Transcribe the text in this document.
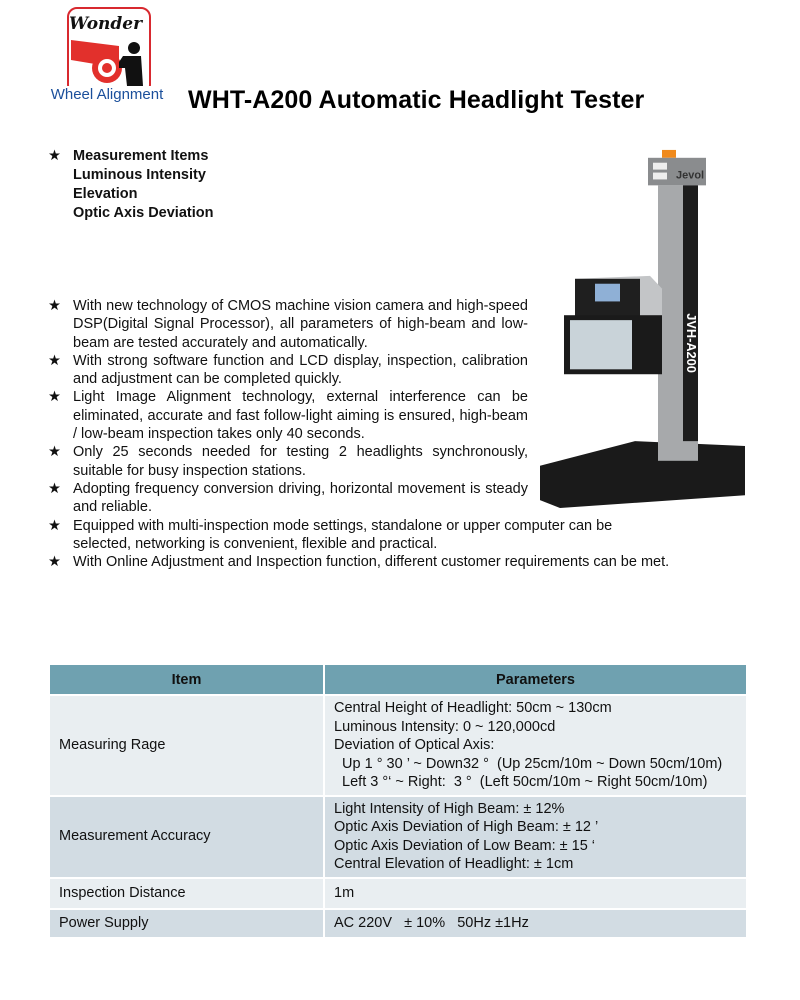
Wonder
Wheel Alignment WHT-A200 Automatic Headlight Tester
★ Measurement Items
Luminous Intensity
Elevation
Optic Axis Deviation
★ With new technology of CMOS machine vision camera and high-speed DSP(Digital Signal Processor), all parameters of high-beam and low-beam are tested accurately and automatically.
★ With strong software function and LCD display, inspection, calibration and adjustment can be completed quickly.
★ Light Image Alignment technology, external interference can be eliminated, accurate and fast follow-light aiming is ensured, high-beam / low-beam inspection takes only 40 seconds.
★ Only 25 seconds needed for testing 2 headlights synchronously, suitable for busy inspection stations.
★ Adopting frequency conversion driving, horizontal movement is steady and reliable.
★ Equipped with multi-inspection mode settings, standalone or upper computer can be selected, networking is convenient, flexible and practical.
★ With Online Adjustment and Inspection function, different customer requirements can be met.
Jevol
JVH-A200
Item	Parameters
Measuring Rage	Central Height of Headlight: 50cm ~ 130cm
Luminous Intensity: 0 ~ 120,000cd
Deviation of Optical Axis:
Up 1 ° 30 ’ ~ Down32 °  (Up 25cm/10m ~ Down 50cm/10m)
Left 3 °‘ ~ Right:  3 °  (Left 50cm/10m ~ Right 50cm/10m)

Measurement Accuracy	Light Intensity of High Beam: ± 12%
Optic Axis Deviation of High Beam: ± 12 ’
Optic Axis Deviation of Low Beam: ± 15 ‘
Central Elevation of Headlight: ± 1cm

Inspection Distance	1m
Power Supply	AC 220V   ± 10%   50Hz ±1Hz
